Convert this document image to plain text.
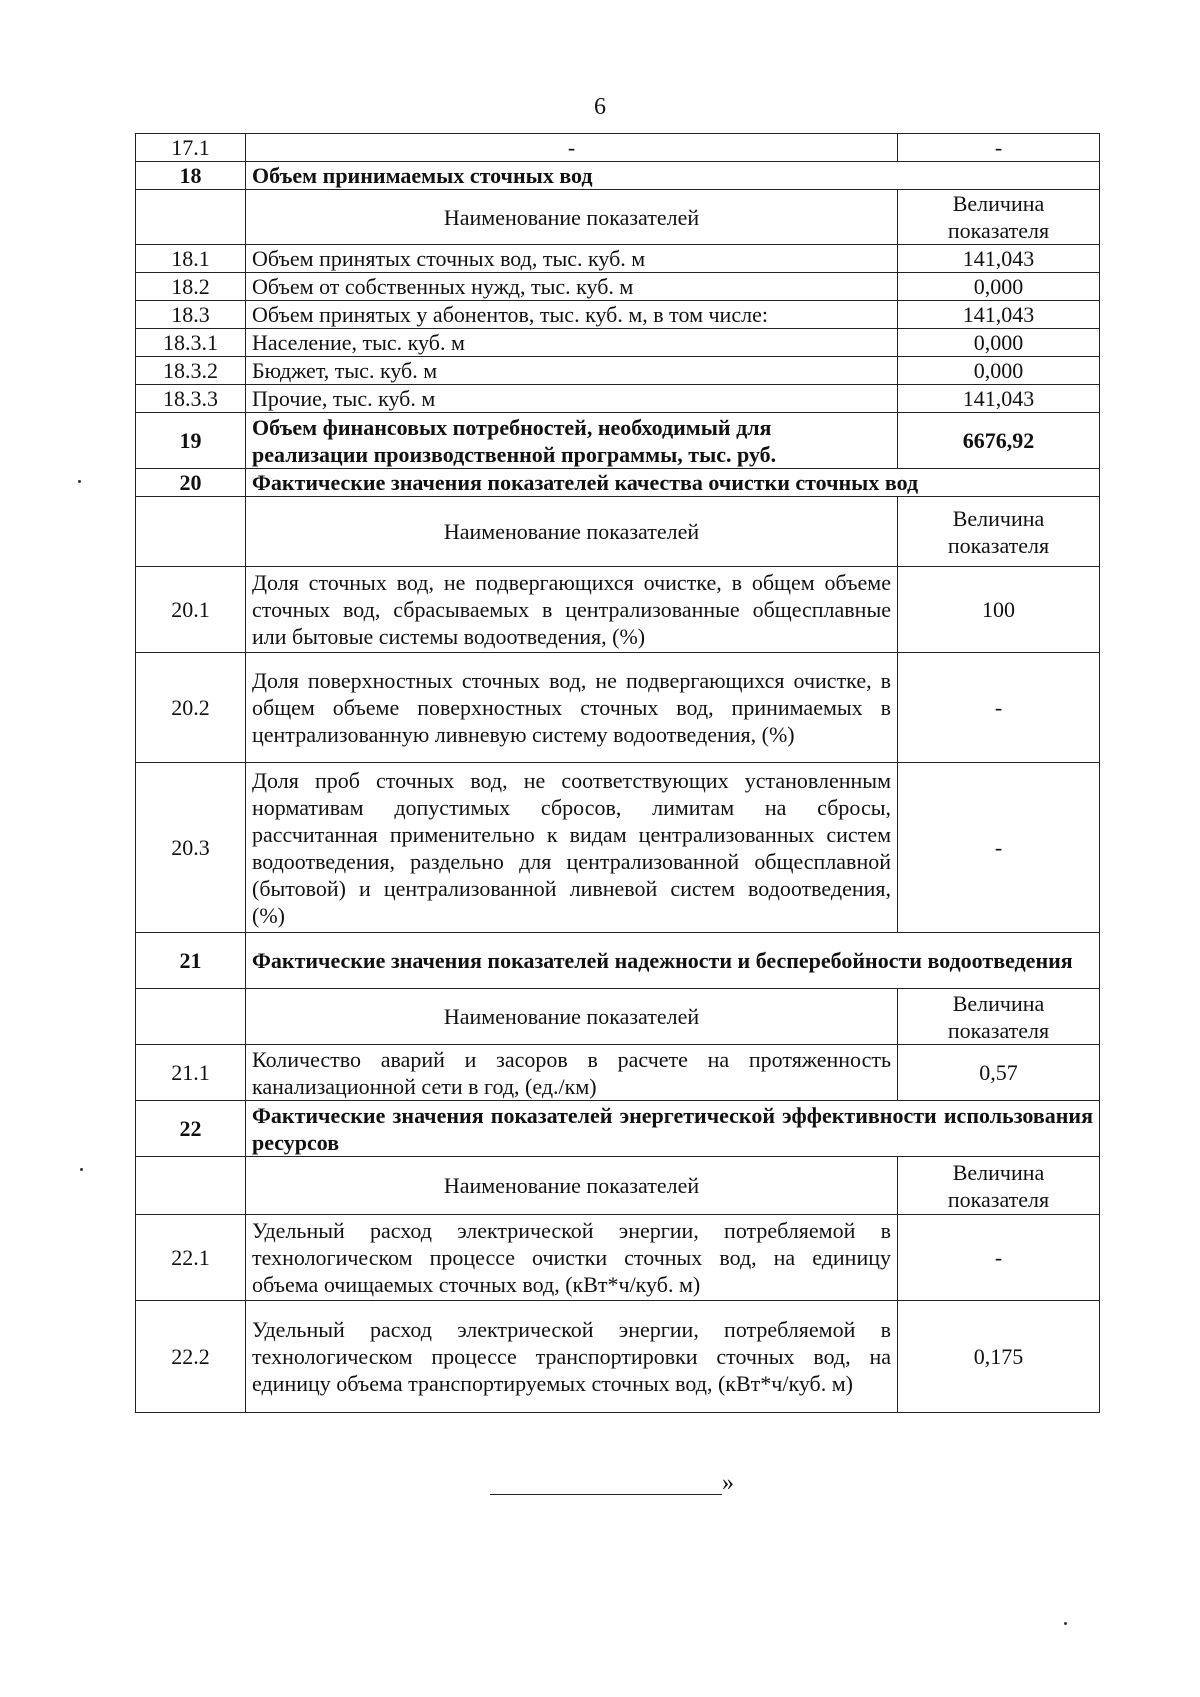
6
17.1	-	-
18	Объем принимаемых сточных вод	
	Наименование показателей	Величина показателя
18.1	Объем принятых сточных вод, тыс. куб. м	141,043
18.2	Объем от собственных нужд, тыс. куб. м	0,000
18.3	Объем принятых у абонентов, тыс. куб. м, в том числе:	141,043
18.3.1	Население, тыс. куб. м	0,000
18.3.2	Бюджет, тыс. куб. м	0,000
18.3.3	Прочие, тыс. куб. м	141,043
19	Объем финансовых потребностей, необходимый для реализации производственной программы, тыс. руб.	6676,92
20	Фактические значения показателей качества очистки сточных вод	
	Наименование показателей	Величина показателя
20.1	Доля сточных вод, не подвергающихся очистке, в общем объеме сточных вод, сбрасываемых в централизованные общесплавные или бытовые системы водоотведения, (%)	100
20.2	Доля поверхностных сточных вод, не подвергающихся очистке, в общем объеме поверхностных сточных вод, принимаемых в централизованную ливневую систему водоотведения, (%)	-
20.3	Доля проб сточных вод, не соответствующих установленным нормативам допустимых сбросов, лимитам на сбросы, рассчитанная применительно к видам централизованных систем водоотведения, раздельно для централизованной общесплавной (бытовой) и централизованной ливневой систем водоотведения, (%)	-
21	Фактические значения показателей надежности и бесперебойности водоотведения	
	Наименование показателей	Величина показателя
21.1	Количество аварий и засоров в расчете на протяженность канализационной сети в год, (ед./км)	0,57
22	Фактические значения показателей энергетической эффективности использования ресурсов	
	Наименование показателей	Величина показателя
22.1	Удельный расход электрической энергии, потребляемой в технологическом процессе очистки сточных вод, на единицу объема очищаемых сточных вод, (кВт*ч/куб. м)	-
22.2	Удельный расход электрической энергии, потребляемой в технологическом процессе транспортировки сточных вод, на единицу объема транспортируемых сточных вод, (кВт*ч/куб. м)	0,175
»
